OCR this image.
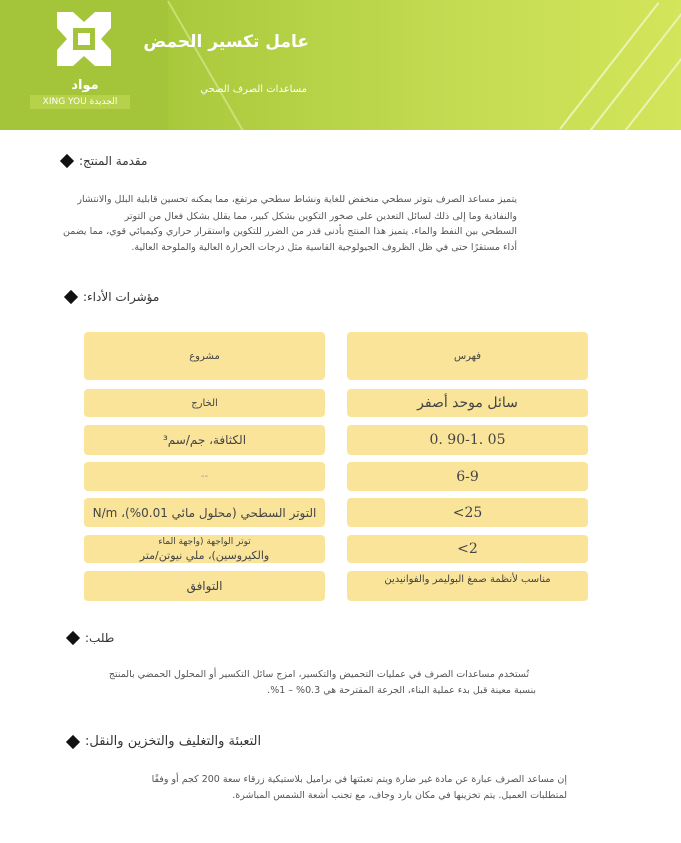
مواد
XING YOU الجديدة
عامل تكسير الحمض
مساعدات الصرف الصحي
مقدمة المنتج:
يتميز مساعد الصرف بتوتر سطحي منخفض للغاية ونشاط سطحي مرتفع، مما يمكنه تحسين قابلية البلل والانتشار
والنفاذية وما إلى ذلك لسائل التعدين على صخور التكوين بشكل كبير، مما يقلل بشكل فعال من التوتر
السطحي بين النفط والماء. يتميز هذا المنتج بأدنى قدر من الضرر للتكوين واستقرار حراري وكيميائي قوي، مما يضمن
أداء مستقرًا حتى في ظل الظروف الجيولوجية القاسية مثل درجات الحرارة العالية والملوحة العالية.
مؤشرات الأداء:
مشروع	فهرس
الخارج	سائل موحد أصفر
الكثافة، جم/سم³	0. 90-1. 05
--	6-9
التوتر السطحي (محلول مائي 0.01%)، N/m	<25
توتر الواجهة (واجهة الماء
والكيروسين)، ملي نيوتن/متر	<2
التوافق	مناسب لأنظمة صمغ البوليمر والفوانيدين
طلب:
تُستخدم مساعدات الصرف في عمليات التحميض والتكسير، امزج سائل التكسير أو المحلول الحمضي بالمنتج
بنسبة معينة قبل بدء عملية البناء، الجرعة المقترحة هي 0.3% – 1%.
التعبئة والتغليف والتخزين والنقل:
إن مساعد الصرف عبارة عن مادة غير ضارة ويتم تعبئتها في براميل بلاستيكية زرقاء سعة 200 كجم أو وفقًا
لمتطلبات العميل. يتم تخزينها في مكان بارد وجاف، مع تجنب أشعة الشمس المباشرة.
